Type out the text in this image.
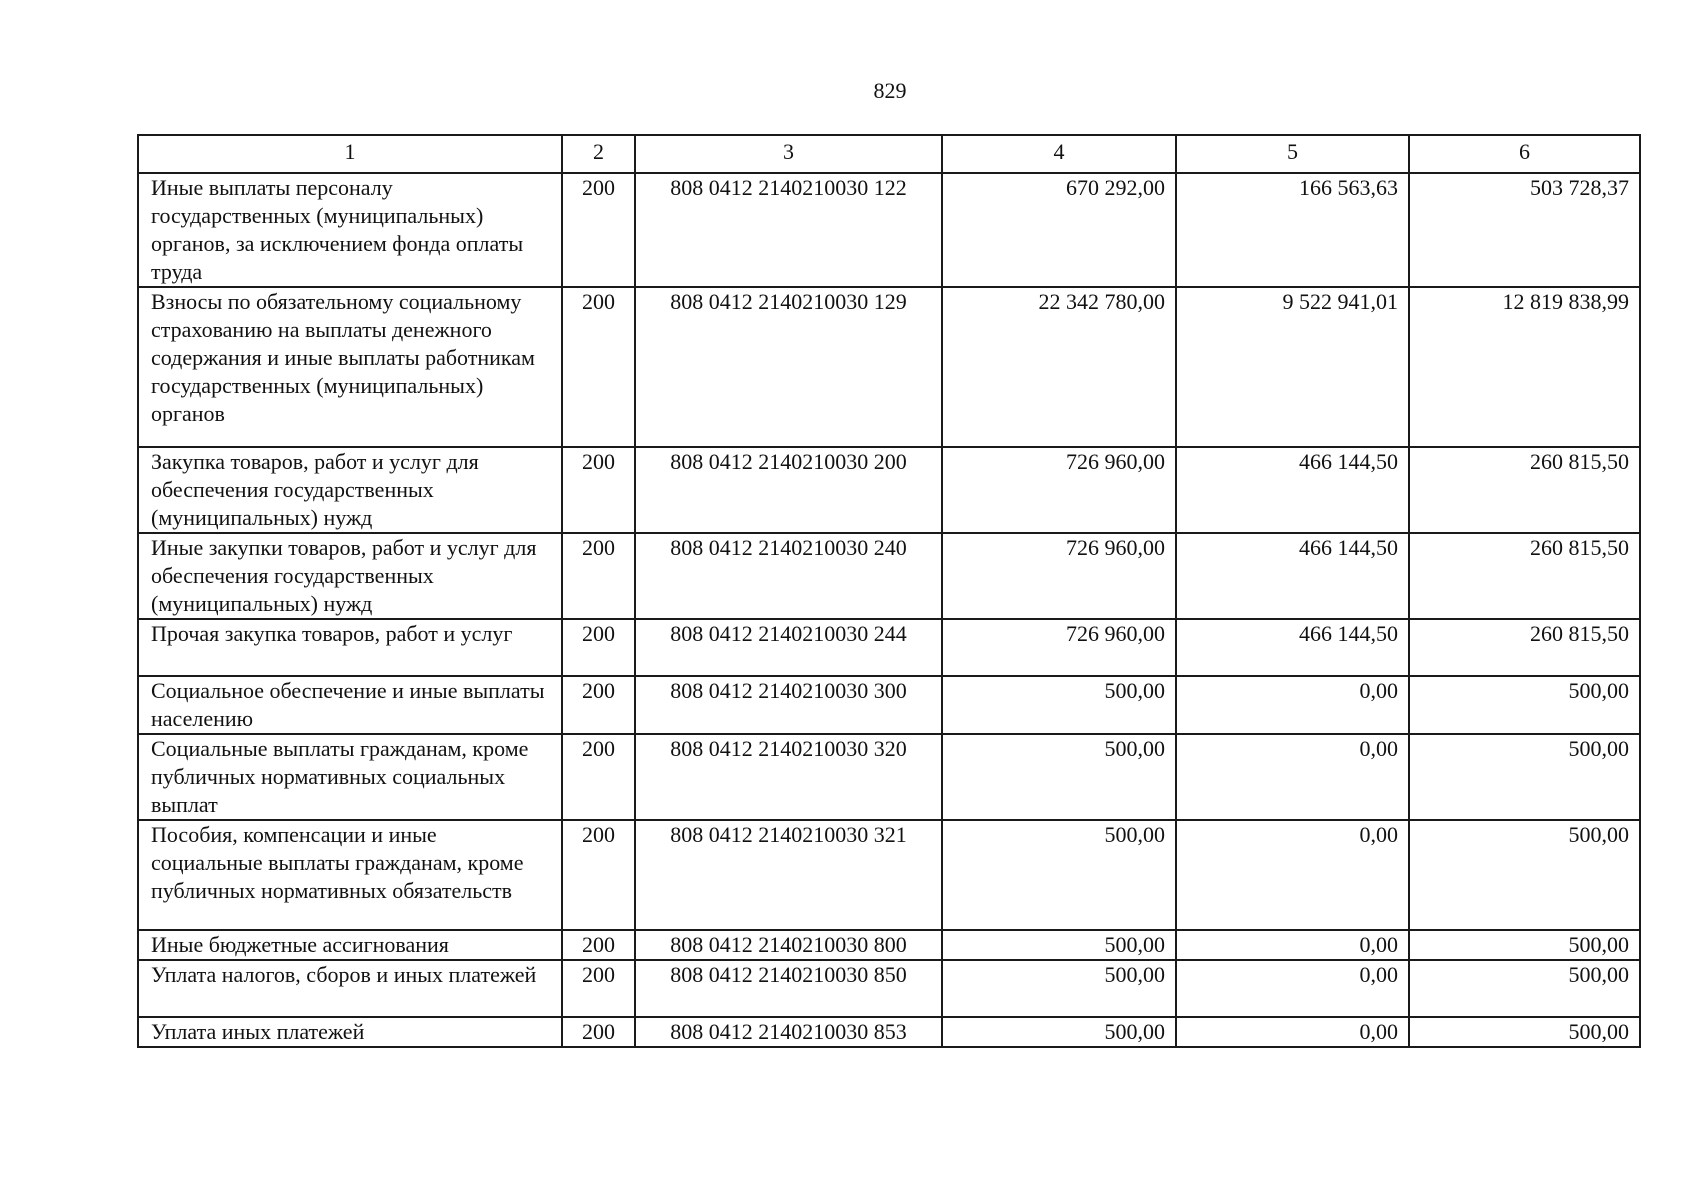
829
1	2	3	4	5	6
Иные выплаты персоналу государственных (муниципальных) органов, за исключением фонда оплаты труда	200	808 0412 2140210030 122	670 292,00	166 563,63	503 728,37
Взносы по обязательному социальному страхованию на выплаты денежного содержания и иные выплаты работникам государственных (муниципальных) органов	200	808 0412 2140210030 129	22 342 780,00	9 522 941,01	12 819 838,99
Закупка товаров, работ и услуг для обеспечения государственных (муниципальных) нужд	200	808 0412 2140210030 200	726 960,00	466 144,50	260 815,50
Иные закупки товаров, работ и услуг для обеспечения государственных (муниципальных) нужд	200	808 0412 2140210030 240	726 960,00	466 144,50	260 815,50
Прочая закупка товаров, работ и услуг	200	808 0412 2140210030 244	726 960,00	466 144,50	260 815,50
Социальное обеспечение и иные выплаты населению	200	808 0412 2140210030 300	500,00	0,00	500,00
Социальные выплаты гражданам, кроме публичных нормативных социальных выплат	200	808 0412 2140210030 320	500,00	0,00	500,00
Пособия, компенсации и иные социальные выплаты гражданам, кроме публичных нормативных обязательств	200	808 0412 2140210030 321	500,00	0,00	500,00
Иные бюджетные ассигнования	200	808 0412 2140210030 800	500,00	0,00	500,00
Уплата налогов, сборов и иных платежей	200	808 0412 2140210030 850	500,00	0,00	500,00
Уплата иных платежей	200	808 0412 2140210030 853	500,00	0,00	500,00
